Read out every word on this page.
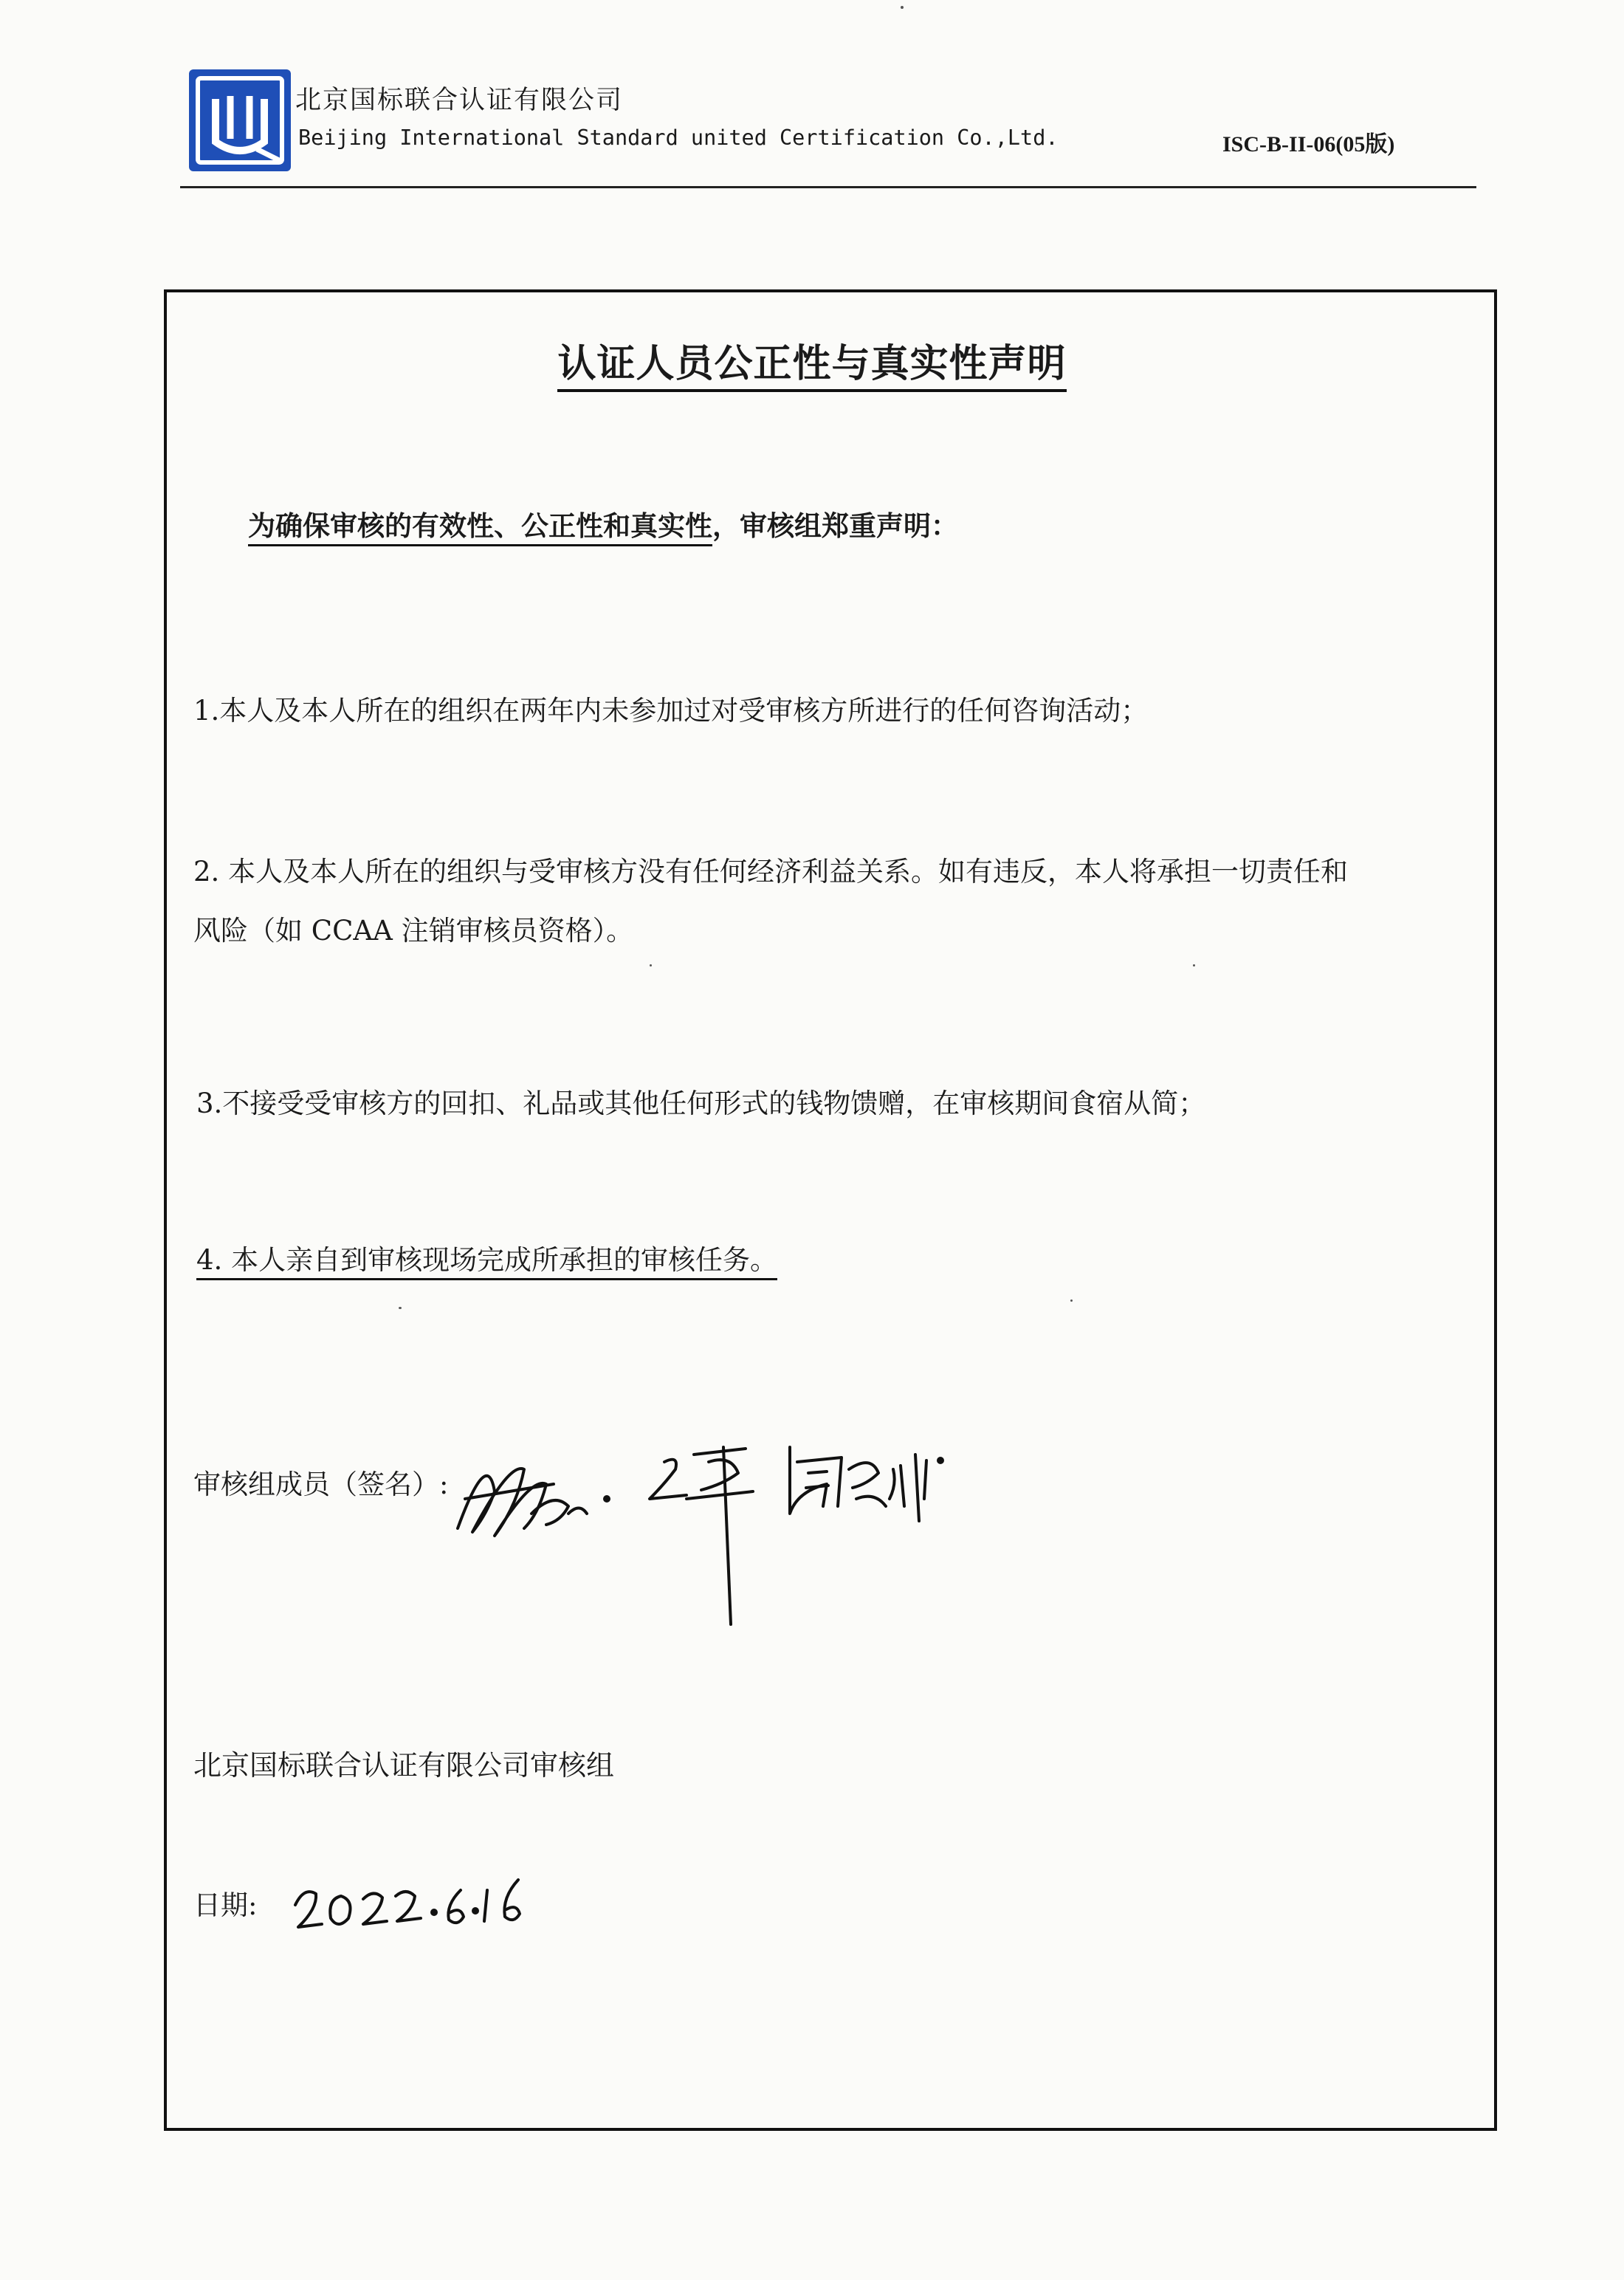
北京国标联合认证有限公司
Beijing International Standard united Certification Co.,Ltd.	ISC-B-II-06(05版)
认证人员公正性与真实性声明
为确保审核的有效性、公正性和真实性，审核组郑重声明：
1.本人及本人所在的组织在两年内未参加过对受审核方所进行的任何咨询活动；
2. 本人及本人所在的组织与受审核方没有任何经济利益关系。如有违反，本人将承担一切责任和
风险（如 CCAA 注销审核员资格）。
3.不接受受审核方的回扣、礼品或其他任何形式的钱物馈赠，在审核期间食宿从简；
4. 本人亲自到审核现场完成所承担的审核任务。
审核组成员（签名）:
北京国标联合认证有限公司审核组
日期:
